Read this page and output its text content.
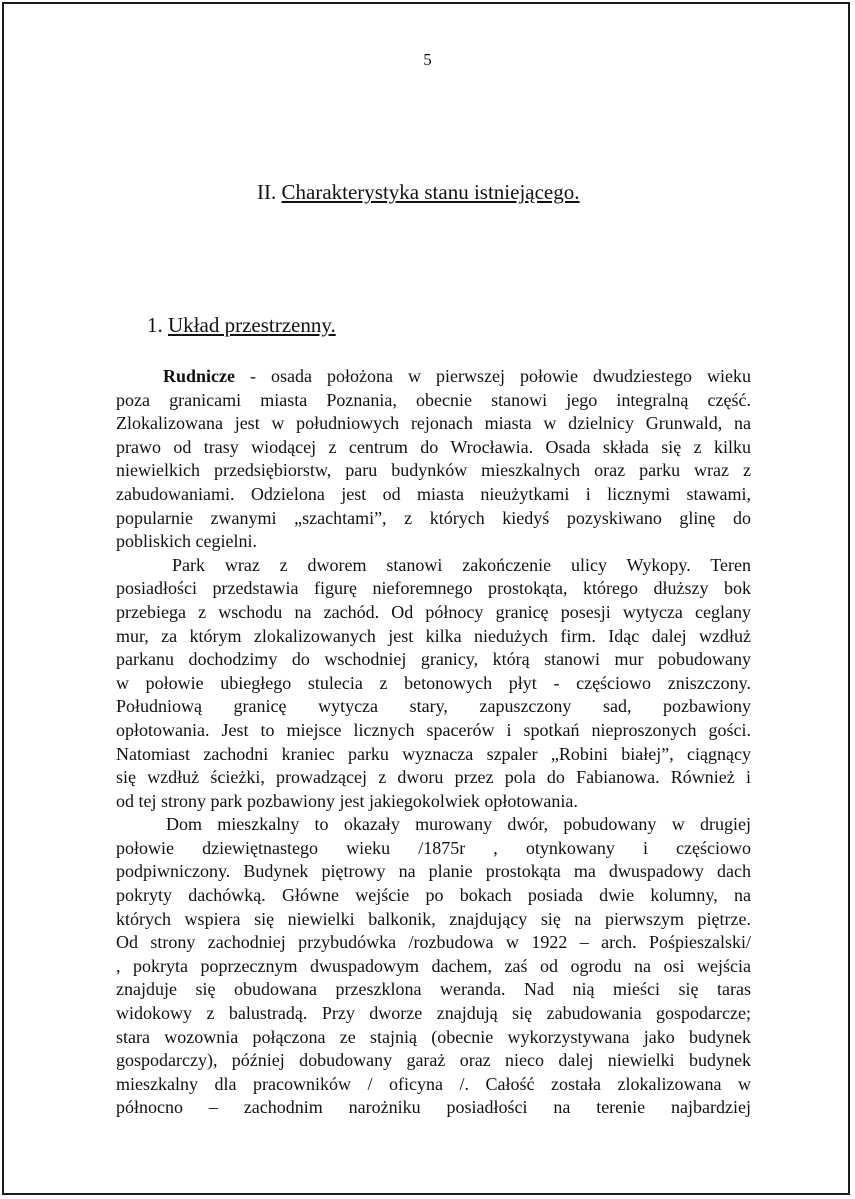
5
II. Charakterystyka stanu istniejącego.
1. Układ przestrzenny.
Rudnicze - osada położona w pierwszej połowie dwudziestego wieku
poza granicami miasta Poznania, obecnie stanowi jego integralną część.
Zlokalizowana jest w południowych rejonach miasta w dzielnicy Grunwald, na
prawo od trasy wiodącej z centrum do Wrocławia. Osada składa się z kilku
niewielkich przedsiębiorstw, paru budynków mieszkalnych oraz parku wraz z
zabudowaniami. Odzielona jest od miasta nieużytkami i licznymi stawami,
popularnie zwanymi „szachtami”, z których kiedyś pozyskiwano glinę do
pobliskich cegielni.
Park wraz z dworem stanowi zakończenie ulicy Wykopy. Teren
posiadłości przedstawia figurę nieforemnego prostokąta, którego dłuższy bok
przebiega z wschodu na zachód. Od północy granicę posesji wytycza ceglany
mur, za którym zlokalizowanych jest kilka niedużych firm. Idąc dalej wzdłuż
parkanu dochodzimy do wschodniej granicy, którą stanowi mur pobudowany
w połowie ubiegłego stulecia z betonowych płyt - częściowo zniszczony.
Południową granicę wytycza stary, zapuszczony sad, pozbawiony
opłotowania. Jest to miejsce licznych spacerów i spotkań nieproszonych gości.
Natomiast zachodni kraniec parku wyznacza szpaler „Robini białej”, ciągnący
się wzdłuż ścieżki, prowadzącej z dworu przez pola do Fabianowa. Również i
od tej strony park pozbawiony jest jakiegokolwiek opłotowania.
Dom mieszkalny to okazały murowany dwór, pobudowany w drugiej
połowie dziewiętnastego wieku /1875r , otynkowany i częściowo
podpiwniczony. Budynek piętrowy na planie prostokąta ma dwuspadowy dach
pokryty dachówką. Główne wejście po bokach posiada dwie kolumny, na
których wspiera się niewielki balkonik, znajdujący się na pierwszym piętrze.
Od strony zachodniej przybudówka /rozbudowa w 1922 – arch. Pośpieszalski/
, pokryta poprzecznym dwuspadowym dachem, zaś od ogrodu na osi wejścia
znajduje się obudowana przeszklona weranda. Nad nią mieści się taras
widokowy z balustradą. Przy dworze znajdują się zabudowania gospodarcze;
stara wozownia połączona ze stajnią (obecnie wykorzystywana jako budynek
gospodarczy), później dobudowany garaż oraz nieco dalej niewielki budynek
mieszkalny dla pracowników / oficyna /. Całość została zlokalizowana w
północno – zachodnim narożniku posiadłości na terenie najbardziej
